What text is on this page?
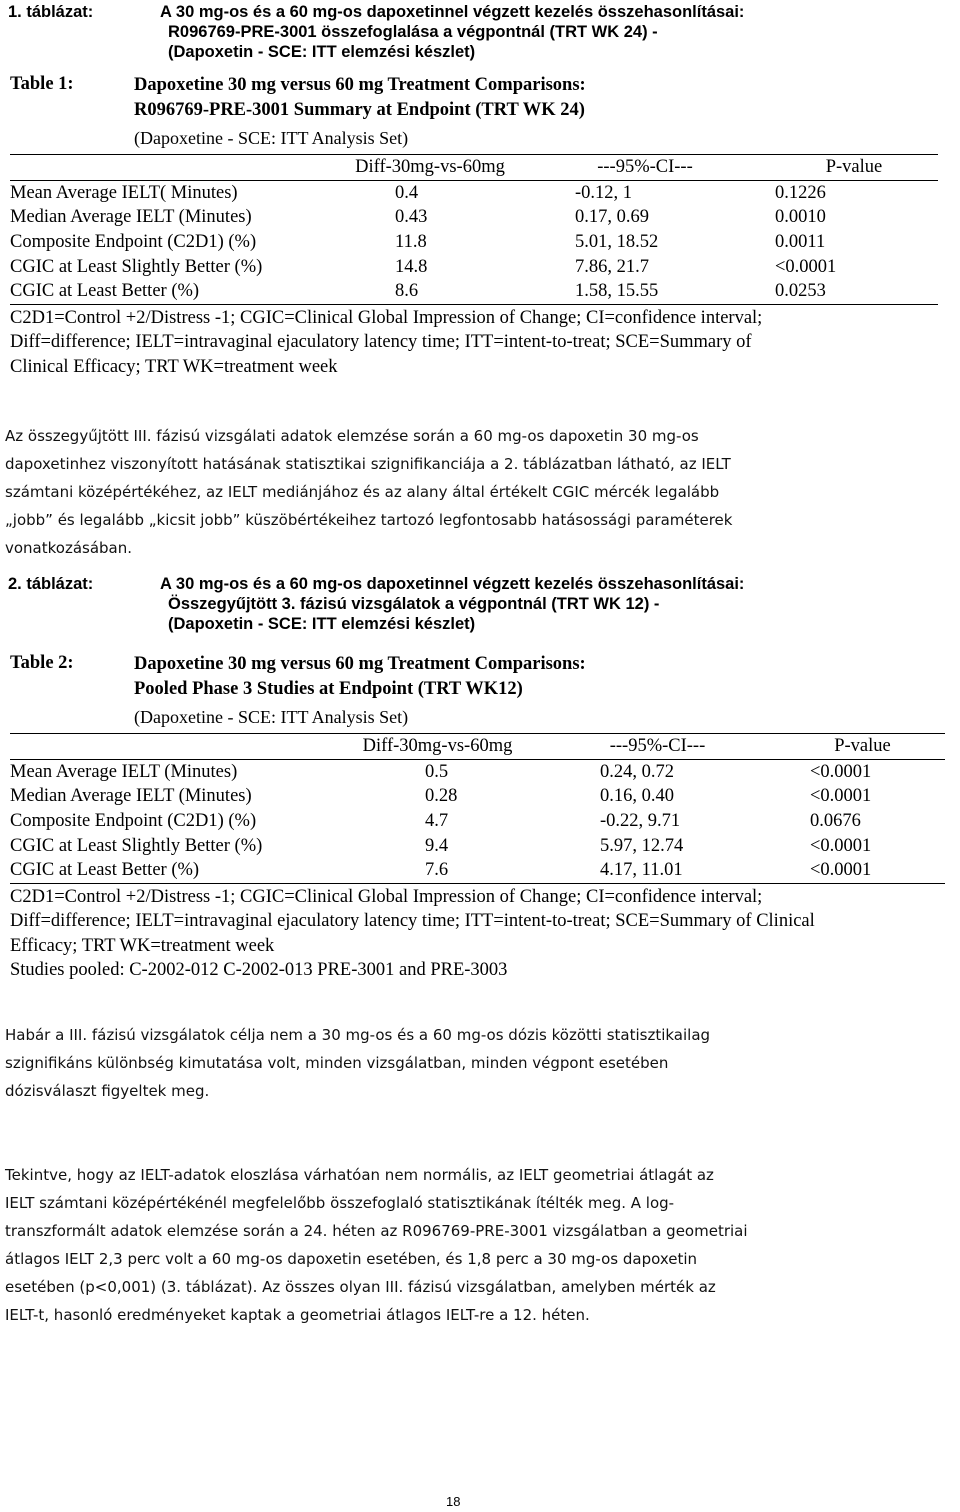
1. táblázat:	A 30 mg-os és a 60 mg-os dapoxetinnel végzett kezelés összehasonlításai:
R096769-PRE-3001 összefoglalása a végpontnál (TRT WK 24) -
(Dapoxetin - SCE: ITT elemzési készlet)
Table 1:	Dapoxetine 30 mg versus 60 mg Treatment Comparisons:
R096769-PRE-3001 Summary at Endpoint (TRT WK 24)
(Dapoxetine - SCE: ITT Analysis Set)
	Diff-30mg-vs-60mg	---95%-CI---	P-value
Mean Average IELT( Minutes)	0.4	-0.12, 1	0.1226
Median Average IELT (Minutes)	0.43	0.17, 0.69	0.0010
Composite Endpoint (C2D1) (%)	11.8	5.01, 18.52	0.0011
CGIC at Least Slightly Better (%)	14.8	7.86, 21.7	<0.0001
CGIC at Least Better (%)	8.6	1.58, 15.55	0.0253
C2D1=Control +2/Distress -1; CGIC=Clinical Global Impression of Change; CI=confidence interval;
Diff=difference; IELT=intravaginal ejaculatory latency time; ITT=intent-to-treat; SCE=Summary of
Clinical Efficacy; TRT WK=treatment week
Az összegyűjtött III. fázisú vizsgálati adatok elemzése során a 60 mg-os dapoxetin 30 mg-os
dapoxetinhez viszonyított hatásának statisztikai szignifikanciája a 2. táblázatban látható, az IELT
számtani középértékéhez, az IELT mediánjához és az alany által értékelt CGIC mércék legalább
„jobb” és legalább „kicsit jobb” küszöbértékeihez tartozó legfontosabb hatásossági paraméterek
vonatkozásában.
2. táblázat:	A 30 mg-os és a 60 mg-os dapoxetinnel végzett kezelés összehasonlításai:
Összegyűjtött 3. fázisú vizsgálatok a végpontnál (TRT WK 12) -
(Dapoxetin - SCE: ITT elemzési készlet)
Table 2:	Dapoxetine 30 mg versus 60 mg Treatment Comparisons:
Pooled Phase 3 Studies at Endpoint (TRT WK12)
(Dapoxetine - SCE: ITT Analysis Set)
	Diff-30mg-vs-60mg	---95%-CI---	P-value
Mean Average IELT (Minutes)	0.5	0.24, 0.72	<0.0001
Median Average IELT (Minutes)	0.28	0.16, 0.40	<0.0001
Composite Endpoint (C2D1) (%)	4.7	-0.22, 9.71	0.0676
CGIC at Least Slightly Better (%)	9.4	5.97, 12.74	<0.0001
CGIC at Least Better (%)	7.6	4.17, 11.01	<0.0001
C2D1=Control +2/Distress -1; CGIC=Clinical Global Impression of Change; CI=confidence interval;
Diff=difference; IELT=intravaginal ejaculatory latency time; ITT=intent-to-treat; SCE=Summary of Clinical
Efficacy; TRT WK=treatment week
Studies pooled: C-2002-012 C-2002-013 PRE-3001 and PRE-3003
Habár a III. fázisú vizsgálatok célja nem a 30 mg-os és a 60 mg-os dózis közötti statisztikailag
szignifikáns különbség kimutatása volt, minden vizsgálatban, minden végpont esetében
dózisválaszt figyeltek meg.
Tekintve, hogy az IELT-adatok eloszlása várhatóan nem normális, az IELT geometriai átlagát az
IELT számtani középértékénél megfelelőbb összefoglaló statisztikának ítélték meg. A log-
transzformált adatok elemzése során a 24. héten az R096769-PRE-3001 vizsgálatban a geometriai
átlagos IELT 2,3 perc volt a 60 mg-os dapoxetin esetében, és 1,8 perc a 30 mg-os dapoxetin
esetében (p<0,001) (3. táblázat). Az összes olyan III. fázisú vizsgálatban, amelyben mérték az
IELT-t, hasonló eredményeket kaptak a geometriai átlagos IELT-re a 12. héten.
18
